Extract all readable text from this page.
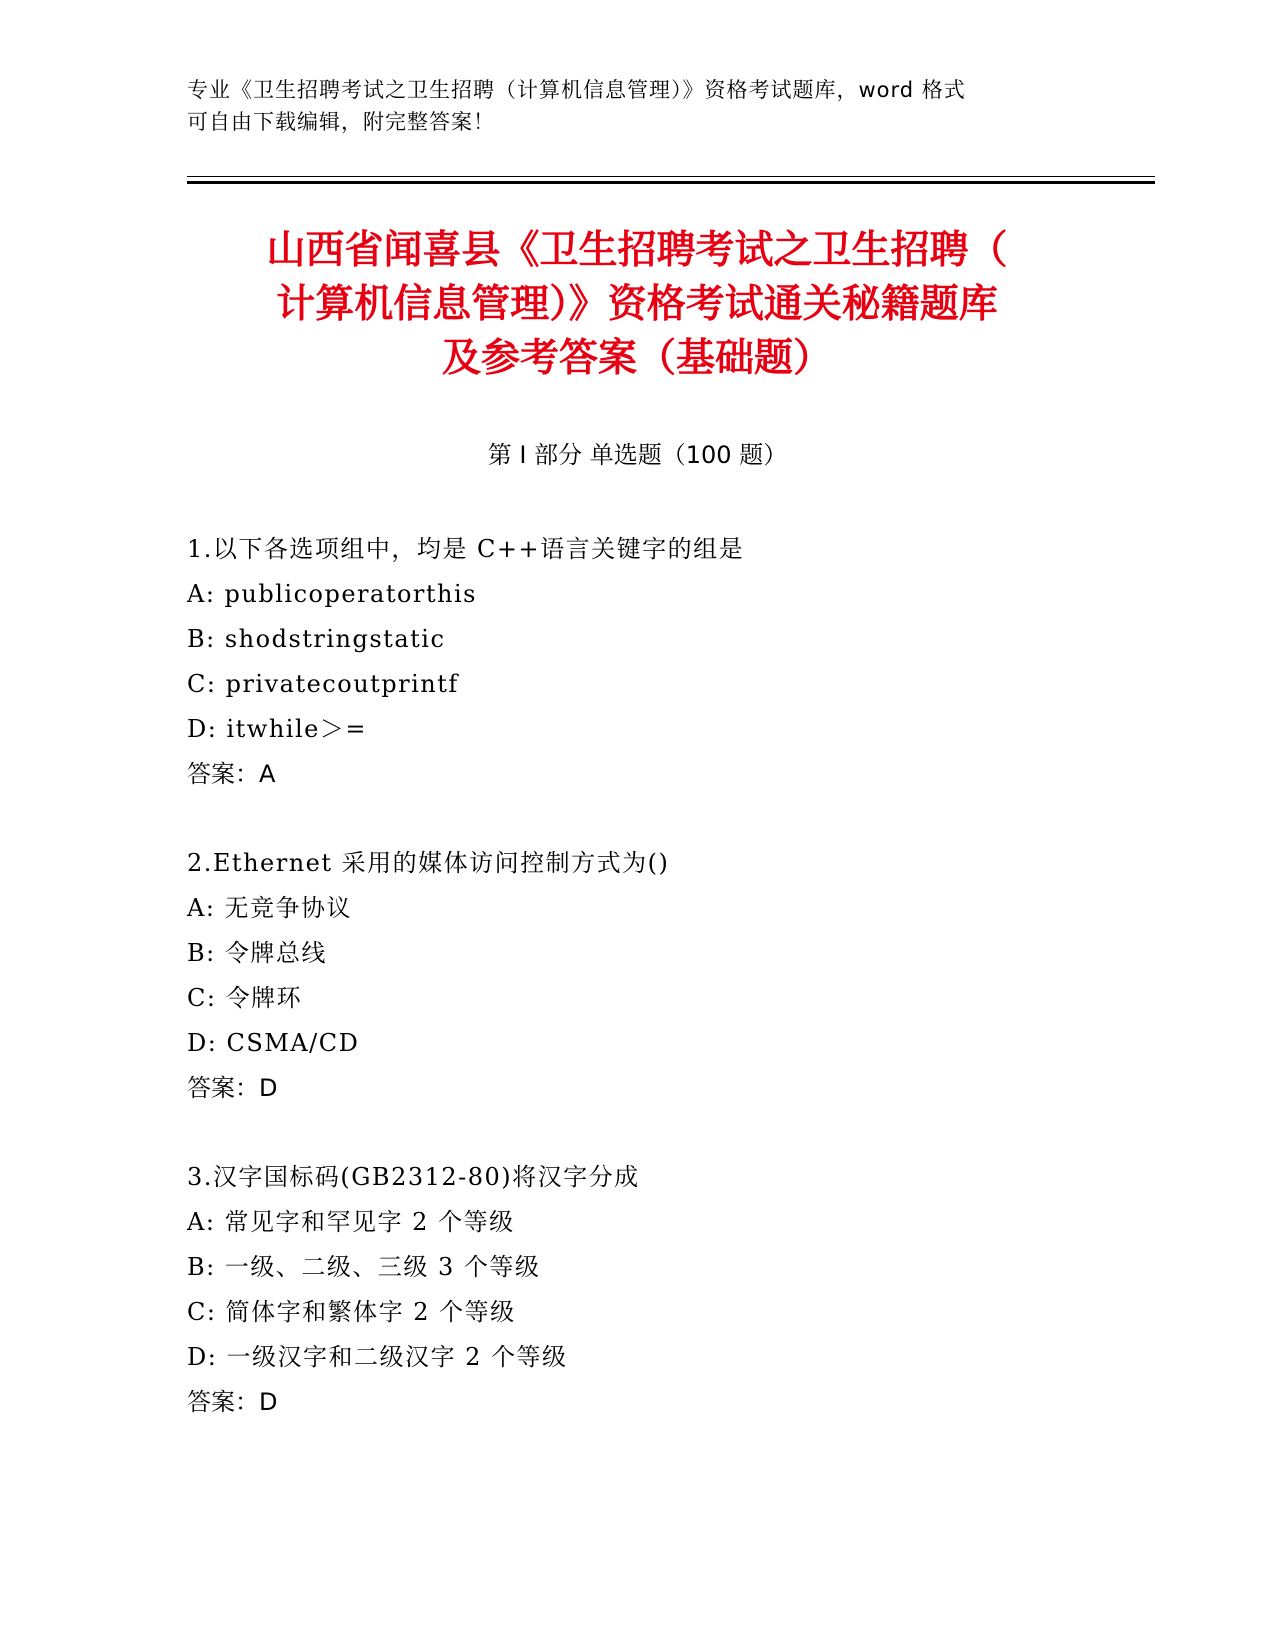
专业《卫生招聘考试之卫生招聘（计算机信息管理）》资格考试题库，word 格式
可自由下载编辑，附完整答案！
山西省闻喜县《卫生招聘考试之卫生招聘（
计算机信息管理）》资格考试通关秘籍题库
及参考答案（基础题）
第 I 部分 单选题（100 题）
1.以下各选项组中，均是 C++语言关键字的组是
A: publicoperatorthis
B: shodstringstatic
C: privatecoutprintf
D: itwhile＞=
答案：A
2.Ethernet 采用的媒体访问控制方式为()
A: 无竞争协议
B: 令牌总线
C: 令牌环
D: CSMA/CD
答案：D
3.汉字国标码(GB2312-80)将汉字分成
A: 常见字和罕见字 2 个等级
B: 一级、二级、三级 3 个等级
C: 简体字和繁体字 2 个等级
D: 一级汉字和二级汉字 2 个等级
答案：D
